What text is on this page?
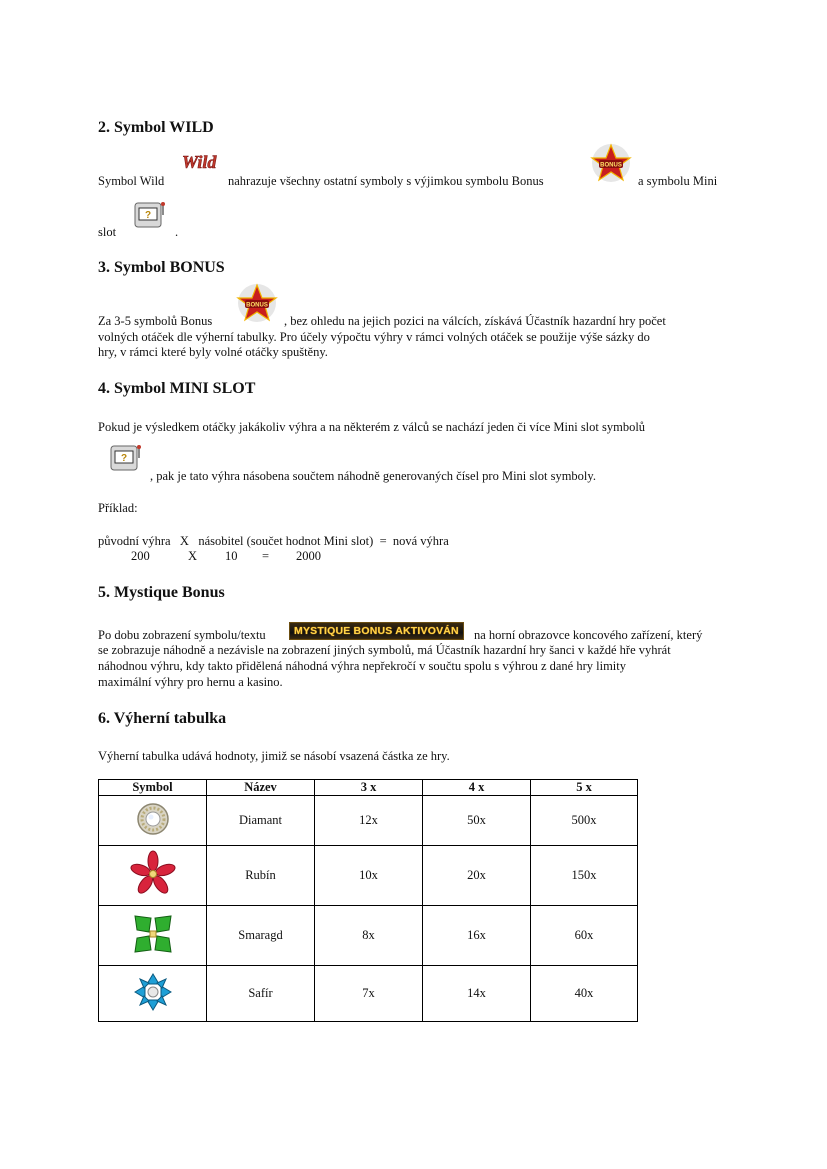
2. Symbol WILD
Symbol Wild
Wild
nahrazuje všechny ostatní symboly s výjimkou symbolu Bonus
BONUS
a symbolu Mini
slot
?
.
3. Symbol BONUS
Za 3-5 symbolů Bonus
BONUS
, bez ohledu na jejich pozici na válcích, získává Účastník hazardní hry počet
volných otáček dle výherní tabulky. Pro účely výpočtu výhry v rámci volných otáček se použije výše sázky do
hry, v rámci které byly volné otáčky spuštěny.
4. Symbol MINI SLOT
Pokud je výsledkem otáčky jakákoliv výhra a na některém z válců se nachází jeden či více Mini slot symbolů
?
, pak je tato výhra násobena součtem náhodně generovaných čísel pro Mini slot symboly.
Příklad:
původní výhra   X   násobitel (součet hodnot Mini slot)  =  nová výhra
200	X 10 = 2000
5. Mystique Bonus
Po dobu zobrazení symbolu/textu	MYSTIQUE BONUS AKTIVOVÁN	na horní obrazovce koncového zařízení, který
se zobrazuje náhodně a nezávisle na zobrazení jiných symbolů, má Účastník hazardní hry šanci v každé hře vyhrát
náhodnou výhru, kdy takto přidělená náhodná výhra nepřekročí v součtu spolu s výhrou z dané hry limity
maximální výhry pro hernu a kasino.
6. Výherní tabulka
Výherní tabulka udává hodnoty, jimiž se násobí vsazená částka ze hry.
Symbol	Název	3 x	4 x	5 x
	Diamant	12x	50x	500x
	Rubín	10x	20x	150x
	Smaragd	8x	16x	60x
	Safír	7x	14x	40x
